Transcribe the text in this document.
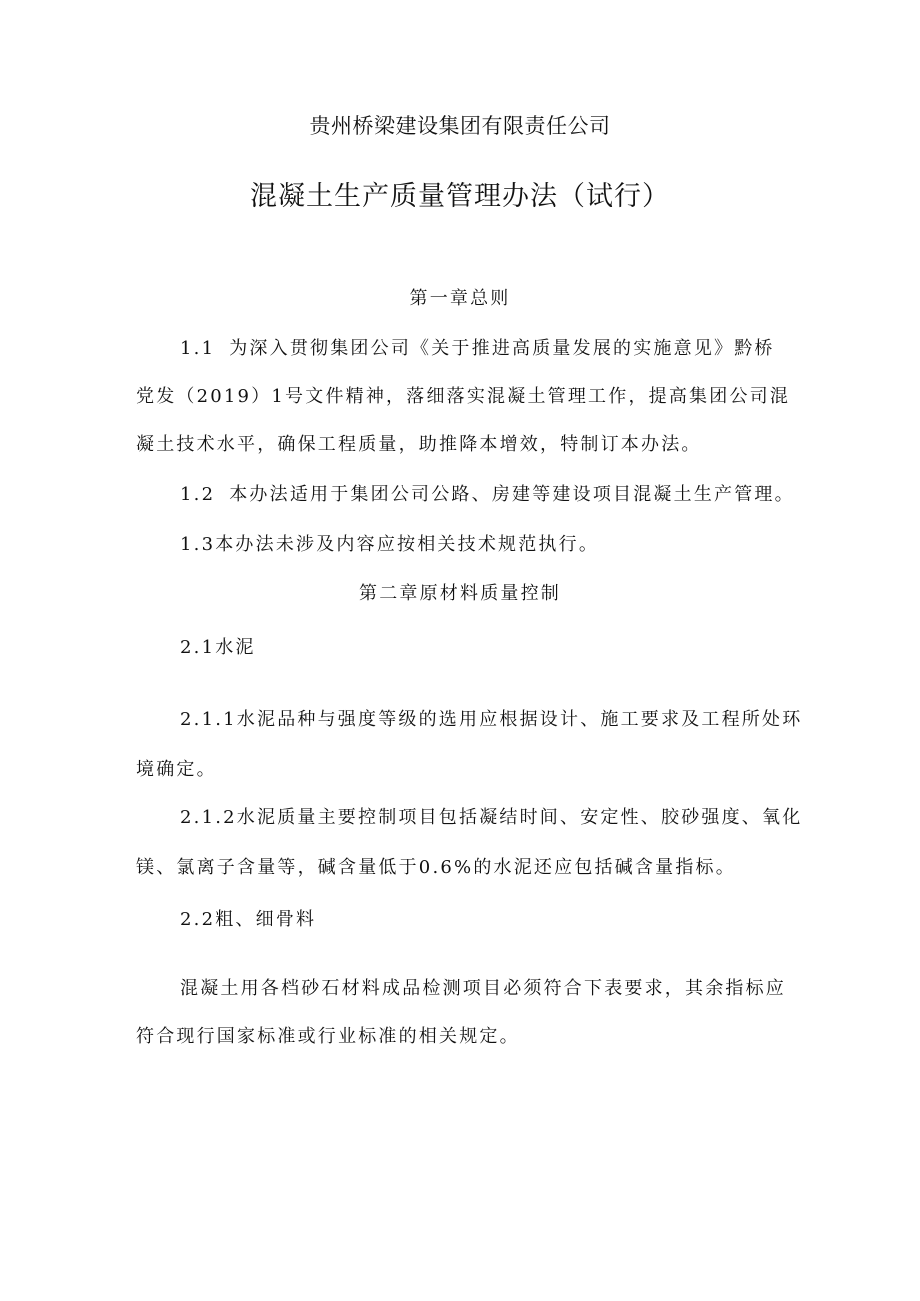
贵州桥梁建设集团有限责任公司
混凝土生产质量管理办法（试行）
第一章总则
1.1 为深入贯彻集团公司《关于推进高质量发展的实施意见》黔桥
党发（2019）1号文件精神，落细落实混凝土管理工作，提高集团公司混
凝土技术水平，确保工程质量，助推降本增效，特制订本办法。
1.2 本办法适用于集团公司公路、房建等建设项目混凝土生产管理。
1.3本办法未涉及内容应按相关技术规范执行。
第二章原材料质量控制
2.1水泥
2.1.1水泥品种与强度等级的选用应根据设计、施工要求及工程所处环
境确定。
2.1.2水泥质量主要控制项目包括凝结时间、安定性、胶砂强度、氧化
镁、氯离子含量等，碱含量低于0.6%的水泥还应包括碱含量指标。
2.2粗、细骨料
混凝土用各档砂石材料成品检测项目必须符合下表要求，其余指标应
符合现行国家标准或行业标准的相关规定。
